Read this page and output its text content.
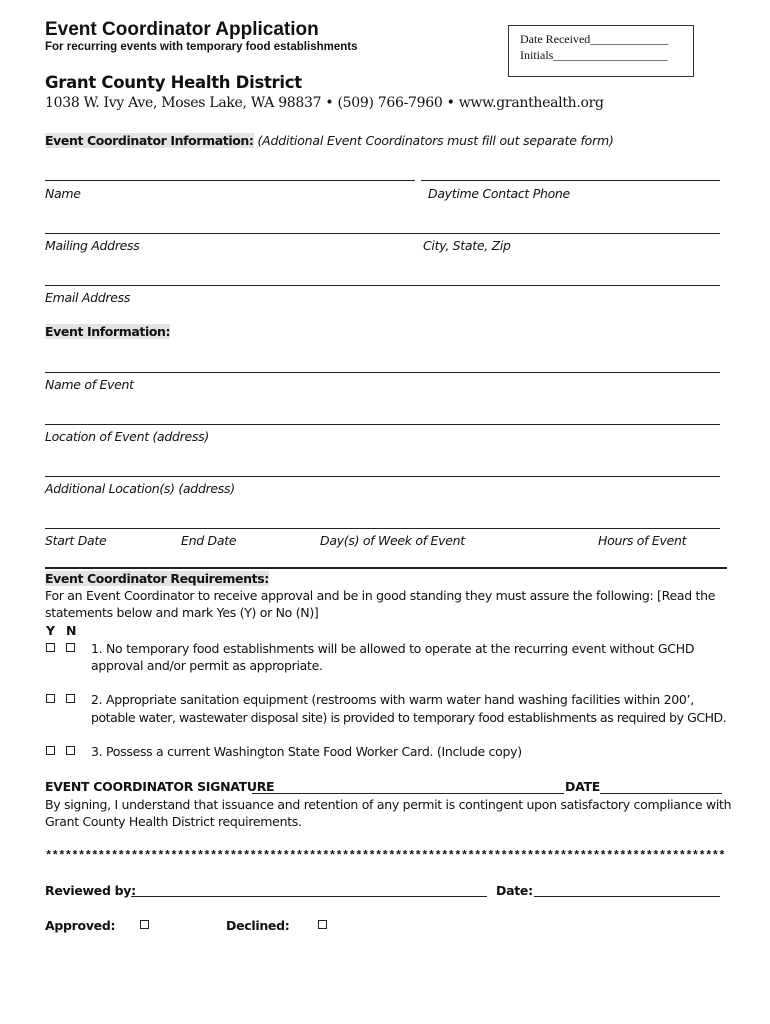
Event Coordinator Application
For recurring events with temporary food establishments
Date Received_____________
Initials___________________
Grant County Health District
1038 W. Ivy Ave, Moses Lake, WA 98837 • (509) 766-7960 • www.granthealth.org
Event Coordinator Information: (Additional Event Coordinators must fill out separate form)
Name	Daytime Contact Phone
Mailing Address	City, State, Zip
Email Address
Event Information:
Name of Event
Location of Event (address)
Additional Location(s) (address)
Start Date	End Date	Day(s) of Week of Event	Hours of Event
Event Coordinator Requirements:
For an Event Coordinator to receive approval and be in good standing they must assure the following: [Read the
statements below and mark Yes (Y) or No (N)]
Y N
1. No temporary food establishments will be allowed to operate at the recurring event without GCHD
approval and/or permit as appropriate.
2. Appropriate sanitation equipment (restrooms with warm water hand washing facilities within 200’,
potable water, wastewater disposal site) is provided to temporary food establishments as required by GCHD.
3. Possess a current Washington State Food Worker Card. (Include copy)
EVENT COORDINATOR SIGNATURE	DATE
By signing, I understand that issuance and retention of any permit is contingent upon satisfactory compliance with
Grant County Health District requirements.
*******************************************************************************************************
Reviewed by:	Date:
Approved:	Declined:
